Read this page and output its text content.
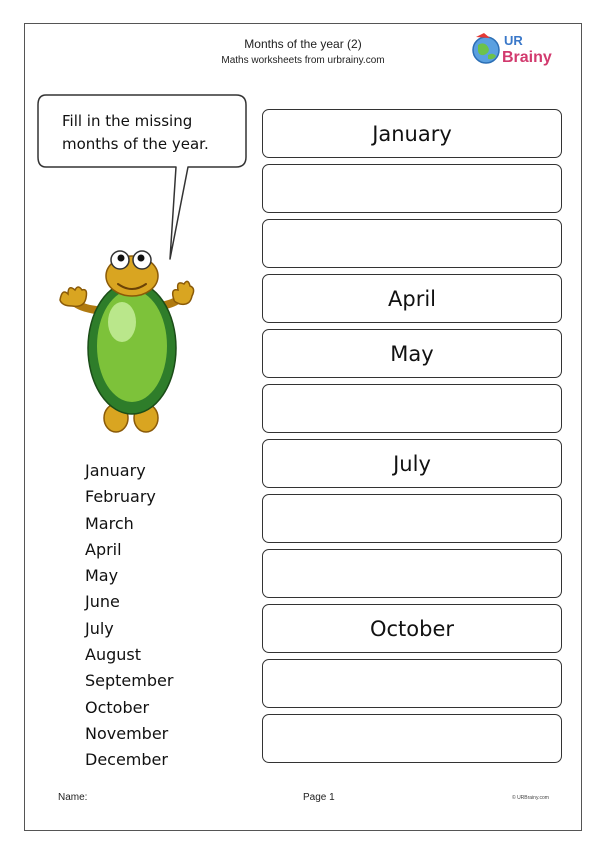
Months of the year (2)
Maths worksheets from urbrainy.com
UR
Brainy
Fill in the missing
months of the year.
January
February
March
April
May
June
July
August
September
October
November
December
January
April
May
July
October
Name:	Page 1	© URBrainy.com
